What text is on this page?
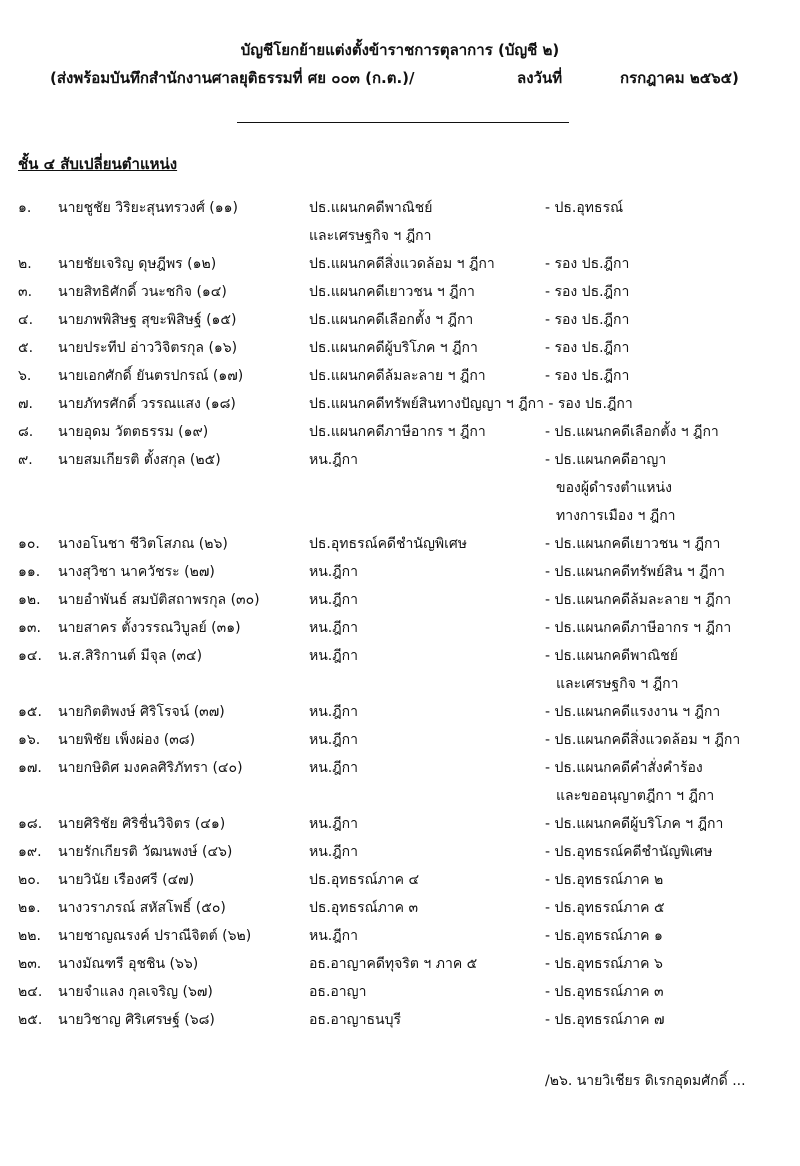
บัญชีโยกย้ายแต่งตั้งข้าราชการตุลาการ (บัญชี ๒)
(ส่งพร้อมบันทึกสำนักงานศาลยุติธรรมที่ ศย ๐๐๓ (ก.ต.)/	ลงวันที่	กรกฎาคม ๒๕๖๕)
ชั้น ๔ สับเปลี่ยนตำแหน่ง
๑. นายชูชัย วิริยะสุนทรวงศ์ (๑๑)	ปธ.แผนกคดีพาณิชย์	- ปธ.อุทธรณ์
และเศรษฐกิจ ฯ ฎีกา
๒. นายชัยเจริญ ดุษฎีพร (๑๒)	ปธ.แผนกคดีสิ่งแวดล้อม ฯ ฎีกา	- รอง ปธ.ฎีกา
๓. นายสิทธิศักดิ์ วนะชกิจ (๑๔)	ปธ.แผนกคดีเยาวชน ฯ ฎีกา	- รอง ปธ.ฎีกา
๔. นายภพพิสิษฐ สุขะพิสิษฐ์ (๑๕)	ปธ.แผนกคดีเลือกตั้ง ฯ ฎีกา	- รอง ปธ.ฎีกา
๕. นายประทีป อ่าววิจิตรกุล (๑๖)	ปธ.แผนกคดีผู้บริโภค ฯ ฎีกา	- รอง ปธ.ฎีกา
๖. นายเอกศักดิ์ ยันตรปกรณ์ (๑๗)	ปธ.แผนกคดีล้มละลาย ฯ ฎีกา	- รอง ปธ.ฎีกา
๗. นายภัทรศักดิ์ วรรณแสง (๑๘)	ปธ.แผนกคดีทรัพย์สินทางปัญญา ฯ ฎีกา - รอง ปธ.ฎีกา
๘. นายอุดม วัตตธรรม (๑๙)	ปธ.แผนกคดีภาษีอากร ฯ ฎีกา	- ปธ.แผนกคดีเลือกตั้ง ฯ ฎีกา
๙. นายสมเกียรติ ตั้งสกุล (๒๕)	หน.ฎีกา	- ปธ.แผนกคดีอาญา
ของผู้ดำรงตำแหน่ง
ทางการเมือง ฯ ฎีกา
๑๐. นางอโนชา ชีวิตโสภณ (๒๖)	ปธ.อุทธรณ์คดีชำนัญพิเศษ	- ปธ.แผนกคดีเยาวชน ฯ ฎีกา
๑๑. นางสุวิชา นาควัชระ (๒๗)	หน.ฎีกา	- ปธ.แผนกคดีทรัพย์สิน ฯ ฎีกา
๑๒. นายอำพันธ์ สมบัติสถาพรกุล (๓๐)	หน.ฎีกา	- ปธ.แผนกคดีล้มละลาย ฯ ฎีกา
๑๓. นายสาคร ตั้งวรรณวิบูลย์ (๓๑)	หน.ฎีกา	- ปธ.แผนกคดีภาษีอากร ฯ ฎีกา
๑๔. น.ส.สิริกานต์ มีจุล (๓๔)	หน.ฎีกา	- ปธ.แผนกคดีพาณิชย์
และเศรษฐกิจ ฯ ฎีกา
๑๕. นายกิตติพงษ์ ศิริโรจน์ (๓๗)	หน.ฎีกา	- ปธ.แผนกคดีแรงงาน ฯ ฎีกา
๑๖. นายพิชัย เพ็งผ่อง (๓๘)	หน.ฎีกา	- ปธ.แผนกคดีสิ่งแวดล้อม ฯ ฎีกา
๑๗. นายกษิดิศ มงคลศิริภัทรา (๔๐)	หน.ฎีกา	- ปธ.แผนกคดีคำสั่งคำร้อง
และขออนุญาตฎีกา ฯ ฎีกา
๑๘. นายศิริชัย ศิริชื่นวิจิตร (๔๑)	หน.ฎีกา	- ปธ.แผนกคดีผู้บริโภค ฯ ฎีกา
๑๙. นายรักเกียรติ วัฒนพงษ์ (๔๖)	หน.ฎีกา	- ปธ.อุทธรณ์คดีชำนัญพิเศษ
๒๐. นายวินัย เรืองศรี (๔๗)	ปธ.อุทธรณ์ภาค ๔	- ปธ.อุทธรณ์ภาค ๒
๒๑. นางวราภรณ์ สหัสโพธิ์ (๕๐)	ปธ.อุทธรณ์ภาค ๓	- ปธ.อุทธรณ์ภาค ๕
๒๒. นายชาญณรงค์ ปราณีจิตต์ (๖๒)	หน.ฎีกา	- ปธ.อุทธรณ์ภาค ๑
๒๓. นางมัณฑรี อุชชิน (๖๖)	อธ.อาญาคดีทุจริต ฯ ภาค ๕	- ปธ.อุทธรณ์ภาค ๖
๒๔. นายจำแลง กุลเจริญ (๖๗)	อธ.อาญา	- ปธ.อุทธรณ์ภาค ๓
๒๕. นายวิชาญ ศิริเศรษฐ์ (๖๘)	อธ.อาญาธนบุรี	- ปธ.อุทธรณ์ภาค ๗
/๒๖. นายวิเชียร ดิเรกอุดมศักดิ์ ...
